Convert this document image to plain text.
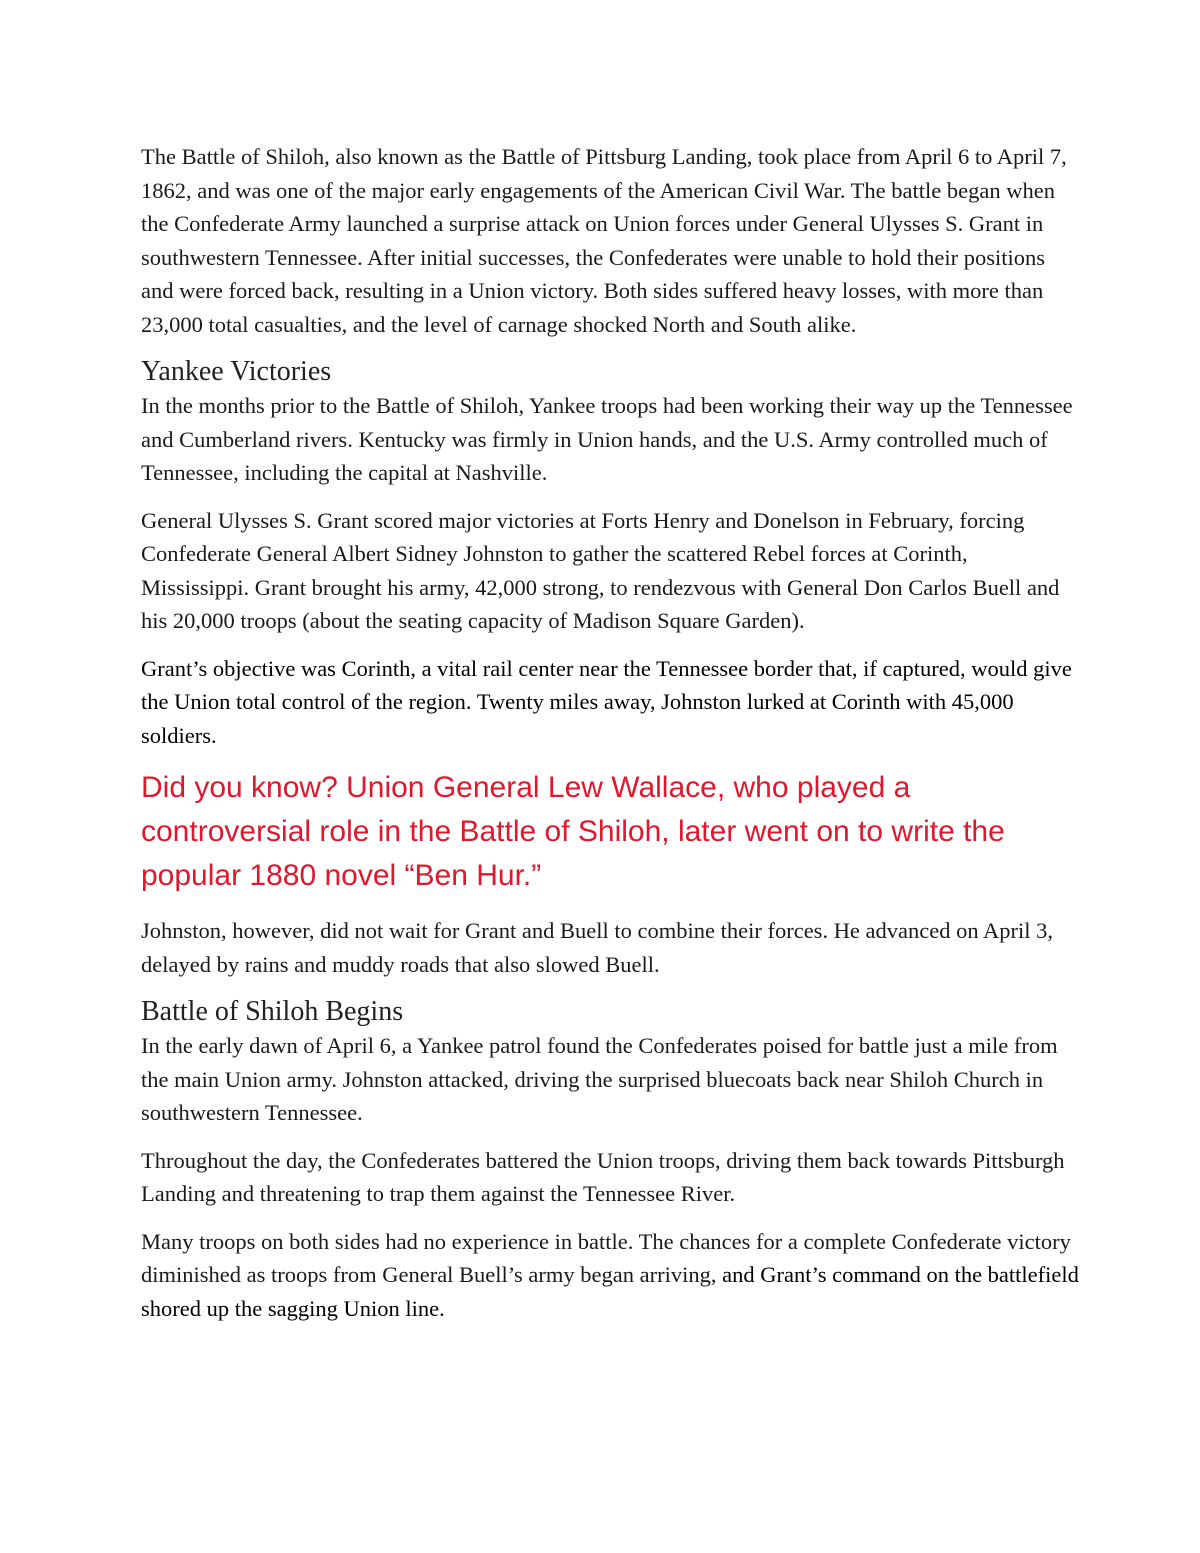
The Battle of Shiloh, also known as the Battle of Pittsburg Landing, took place from April 6 to April 7, 1862, and was one of the major early engagements of the American Civil War. The battle began when the Confederate Army launched a surprise attack on Union forces under General Ulysses S. Grant in southwestern Tennessee. After initial successes, the Confederates were unable to hold their positions and were forced back, resulting in a Union victory. Both sides suffered heavy losses, with more than 23,000 total casualties, and the level of carnage shocked North and South alike.

Yankee Victories

In the months prior to the Battle of Shiloh, Yankee troops had been working their way up the Tennessee and Cumberland rivers. Kentucky was firmly in Union hands, and the U.S. Army controlled much of Tennessee, including the capital at Nashville.

General Ulysses S. Grant scored major victories at Forts Henry and Donelson in February, forcing Confederate General Albert Sidney Johnston to gather the scattered Rebel forces at Corinth, Mississippi. Grant brought his army, 42,000 strong, to rendezvous with General Don Carlos Buell and his 20,000 troops (about the seating capacity of Madison Square Garden).

Grant’s objective was Corinth, a vital rail center near the Tennessee border that, if captured, would give the Union total control of the region. Twenty miles away, Johnston lurked at Corinth with 45,000 soldiers.

Did you know? Union General Lew Wallace, who played a controversial role in the Battle of Shiloh, later went on to write the popular 1880 novel “Ben Hur.”

Johnston, however, did not wait for Grant and Buell to combine their forces. He advanced on April 3, delayed by rains and muddy roads that also slowed Buell.

Battle of Shiloh Begins

In the early dawn of April 6, a Yankee patrol found the Confederates poised for battle just a mile from the main Union army. Johnston attacked, driving the surprised bluecoats back near Shiloh Church in southwestern Tennessee.

Throughout the day, the Confederates battered the Union troops, driving them back towards Pittsburgh Landing and threatening to trap them against the Tennessee River.

Many troops on both sides had no experience in battle. The chances for a complete Confederate victory diminished as troops from General Buell’s army began arriving, and Grant’s command on the battlefield shored up the sagging Union line.
